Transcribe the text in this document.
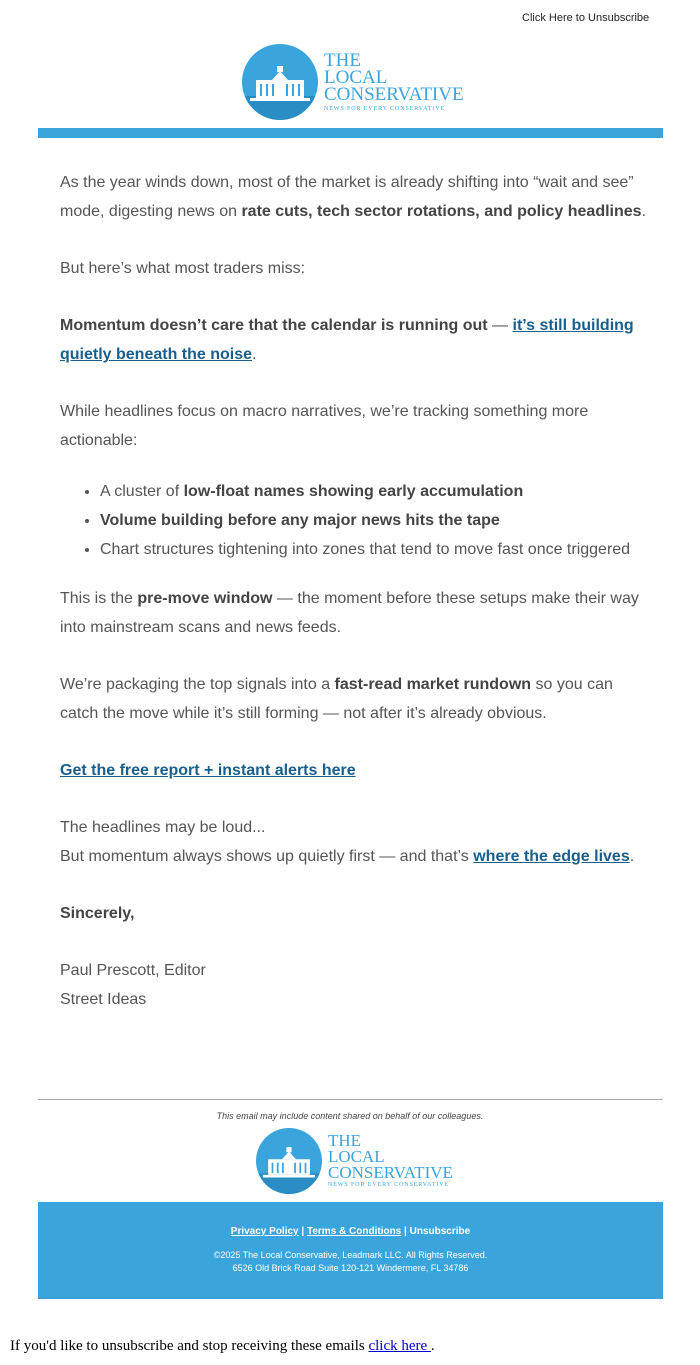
Click Here to Unsubscribe
THE
LOCAL
CONSERVATIVE
NEWS FOR EVERY CONSERVATIVE

As the year winds down, most of the market is already shifting into “wait and see” mode, digesting news on rate cuts, tech sector rotations, and policy headlines.

But here’s what most traders miss:

Momentum doesn’t care that the calendar is running out — it’s still building quietly beneath the noise.

While headlines focus on macro narratives, we’re tracking something more actionable:

• A cluster of low-float names showing early accumulation
• Volume building before any major news hits the tape
• Chart structures tightening into zones that tend to move fast once triggered

This is the pre-move window — the moment before these setups make their way into mainstream scans and news feeds.

We’re packaging the top signals into a fast-read market rundown so you can catch the move while it’s still forming — not after it’s already obvious.

Get the free report + instant alerts here

The headlines may be loud...
But momentum always shows up quietly first — and that’s where the edge lives.

Sincerely,

Paul Prescott, Editor
Street Ideas

This email may include content shared on behalf of our colleagues.
THE
LOCAL
CONSERVATIVE
NEWS FOR EVERY CONSERVATIVE
Privacy Policy | Terms & Conditions | Unsubscribe
©2025 The Local Conservative, Leadmark LLC. All Rights Reserved.
6526 Old Brick Road Suite 120-121 Windermere, FL 34786
If you'd like to unsubscribe and stop receiving these emails click here .
